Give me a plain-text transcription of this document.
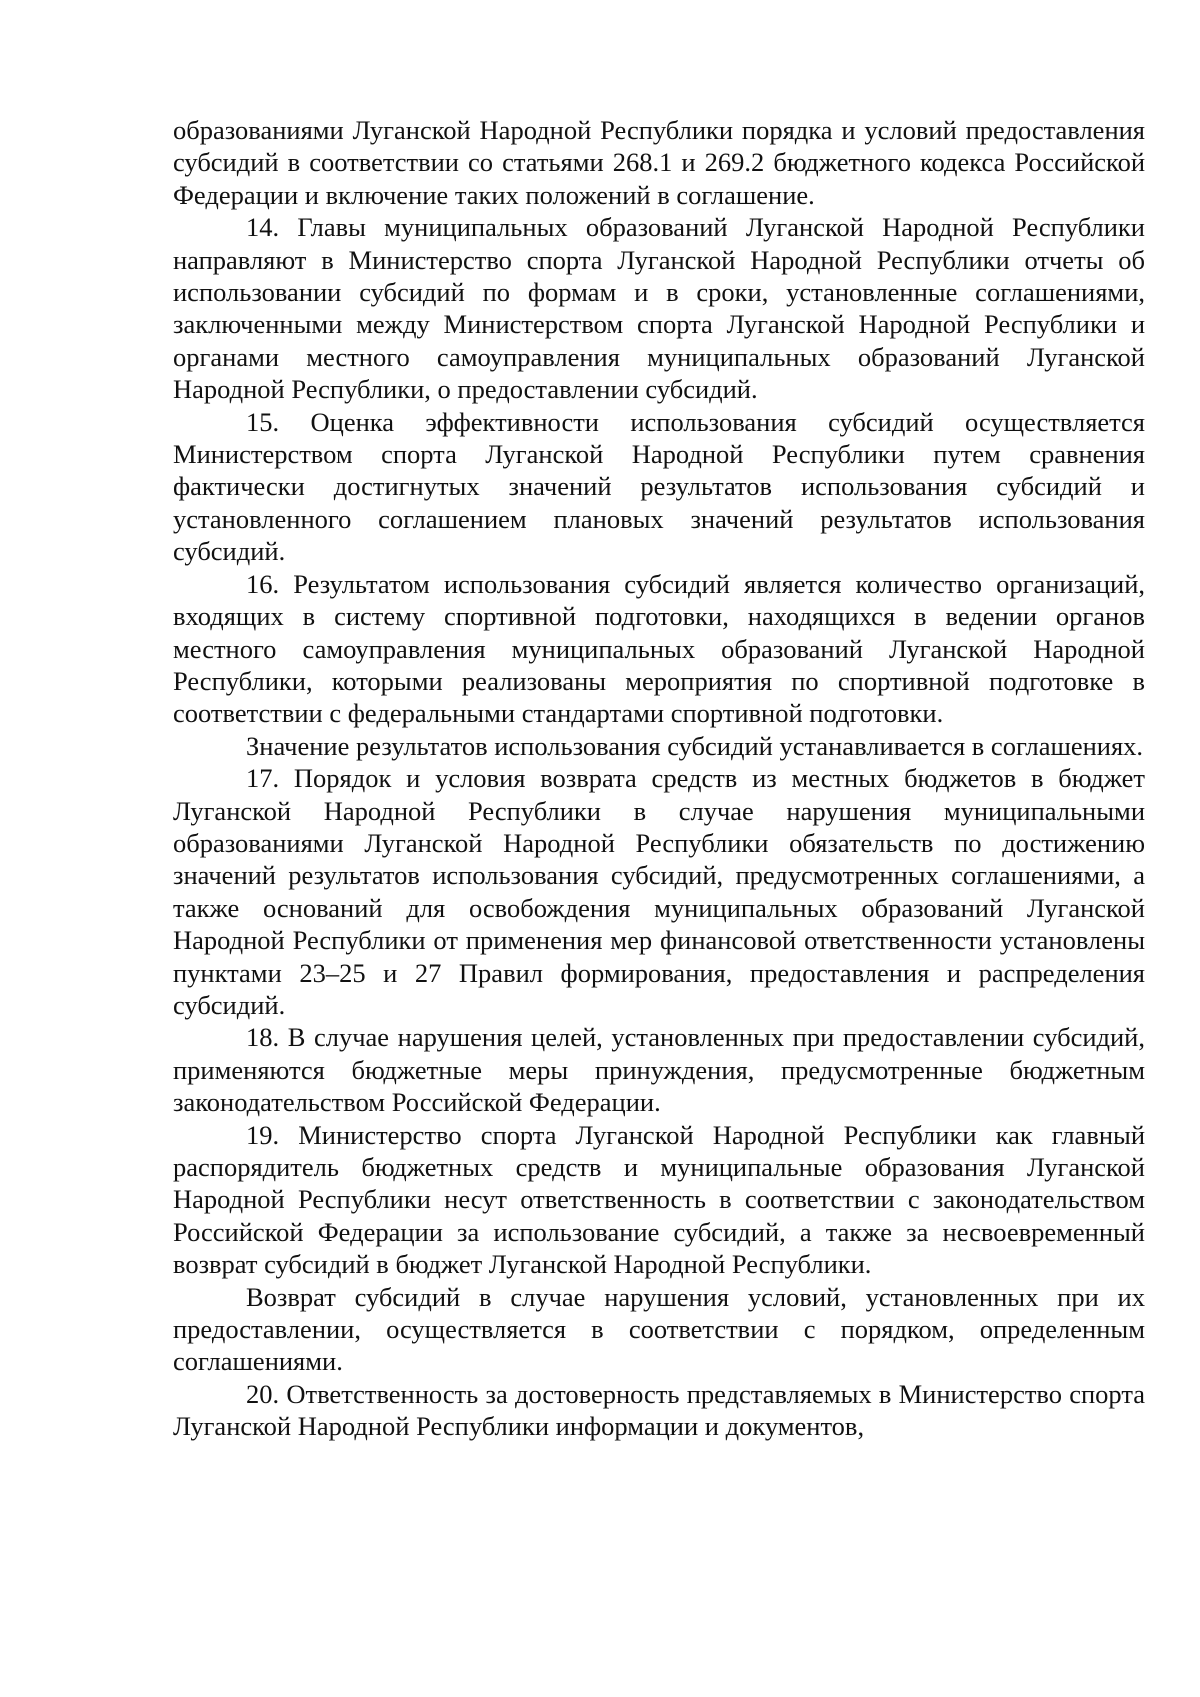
образованиями Луганской Народной Республики порядка и условий предоставления субсидий в соответствии со статьями 268.1 и 269.2 бюджетного кодекса Российской Федерации и включение таких положений в соглашение.

14. Главы муниципальных образований Луганской Народной Республики направляют в Министерство спорта Луганской Народной Республики отчеты об использовании субсидий по формам и в сроки, установленные соглашениями, заключенными между Министерством спорта Луганской Народной Республики и органами местного самоуправления муниципальных образований Луганской Народной Республики, о предоставлении субсидий.

15. Оценка эффективности использования субсидий осуществляется Министерством спорта Луганской Народной Республики путем сравнения фактически достигнутых значений результатов использования субсидий и установленного соглашением плановых значений результатов использования субсидий.

16. Результатом использования субсидий является количество организаций, входящих в систему спортивной подготовки, находящихся в ведении органов местного самоуправления муниципальных образований Луганской Народной Республики, которыми реализованы мероприятия по спортивной подготовке в соответствии с федеральными стандартами спортивной подготовки.

Значение результатов использования субсидий устанавливается в соглашениях.

17. Порядок и условия возврата средств из местных бюджетов в бюджет Луганской Народной Республики в случае нарушения муниципальными образованиями Луганской Народной Республики обязательств по достижению значений результатов использования субсидий, предусмотренных соглашениями, а также оснований для освобождения муниципальных образований Луганской Народной Республики от применения мер финансовой ответственности установлены пунктами 23–25 и 27 Правил формирования, предоставления и распределения субсидий.

18. В случае нарушения целей, установленных при предоставлении субсидий, применяются бюджетные меры принуждения, предусмотренные бюджетным законодательством Российской Федерации.

19. Министерство спорта Луганской Народной Республики как главный распорядитель бюджетных средств и муниципальные образования Луганской Народной Республики несут ответственность в соответствии с законодательством Российской Федерации за использование субсидий, а также за несвоевременный возврат субсидий в бюджет Луганской Народной Республики.

Возврат субсидий в случае нарушения условий, установленных при их предоставлении, осуществляется в соответствии с порядком, определенным соглашениями.

20. Ответственность за достоверность представляемых в Министерство спорта Луганской Народной Республики информации и документов,
